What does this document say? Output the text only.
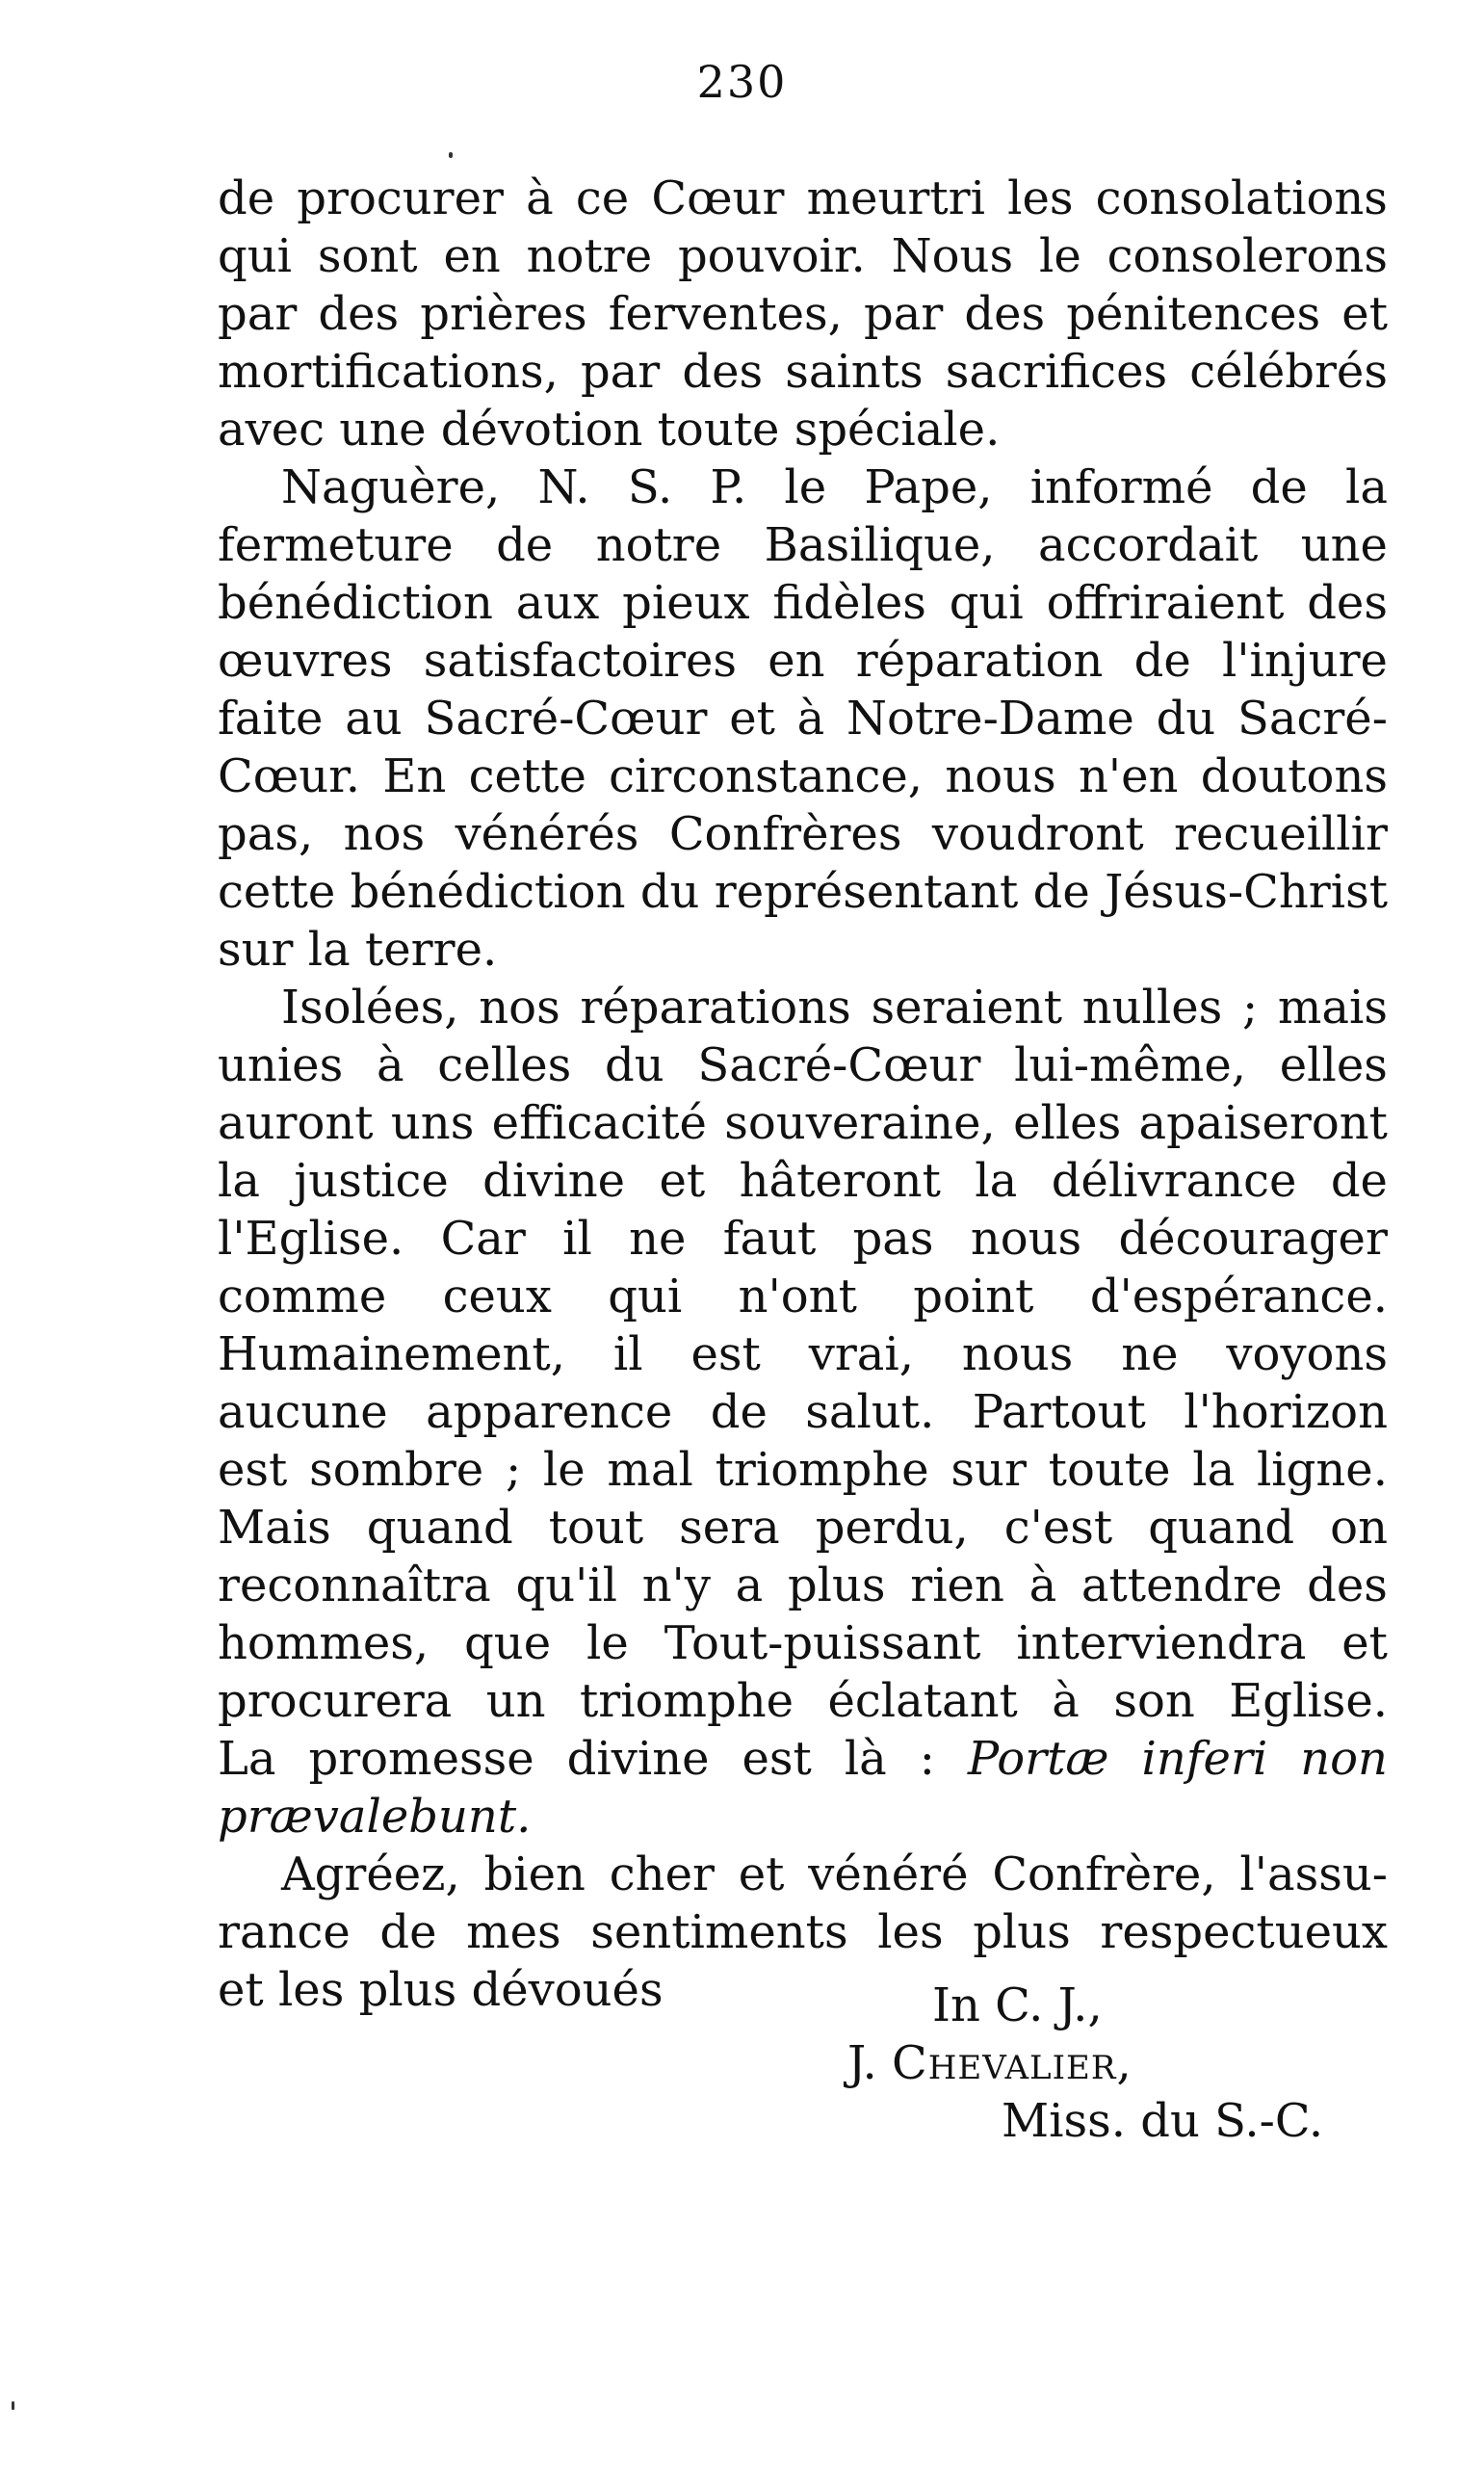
230
de procurer à ce Cœur meurtri les consolations
qui sont en notre pouvoir. Nous le consolerons
par des prières ferventes, par des pénitences et
mortifications, par des saints sacrifices célébrés
avec une dévotion toute spéciale.
Naguère, N. S. P. le Pape, informé de la
fermeture de notre Basilique, accordait une
bénédiction aux pieux fidèles qui offriraient des
œuvres satisfactoires en réparation de l'injure
faite au Sacré-Cœur et à Notre-Dame du Sacré-
Cœur. En cette circonstance, nous n'en doutons
pas, nos vénérés Confrères voudront recueillir
cette bénédiction du représentant de Jésus-Christ
sur la terre.
Isolées, nos réparations seraient nulles ; mais
unies à celles du Sacré-Cœur lui-même, elles
auront uns efficacité souveraine, elles apaiseront
la justice divine et hâteront la délivrance de
l'Eglise. Car il ne faut pas nous décourager
comme ceux qui n'ont point d'espérance.
Humainement, il est vrai, nous ne voyons
aucune apparence de salut. Partout l'horizon
est sombre ; le mal triomphe sur toute la ligne.
Mais quand tout sera perdu, c'est quand on
reconnaîtra qu'il n'y a plus rien à attendre des
hommes, que le Tout-puissant interviendra et
procurera un triomphe éclatant à son Eglise.
La promesse divine est là : Portæ inferi non
prævalebunt.
Agréez, bien cher et vénéré Confrère, l'assu-
rance de mes sentiments les plus respectueux
et les plus dévoués	In C. J.,
J. Chevalier,
Miss. du S.-C.
